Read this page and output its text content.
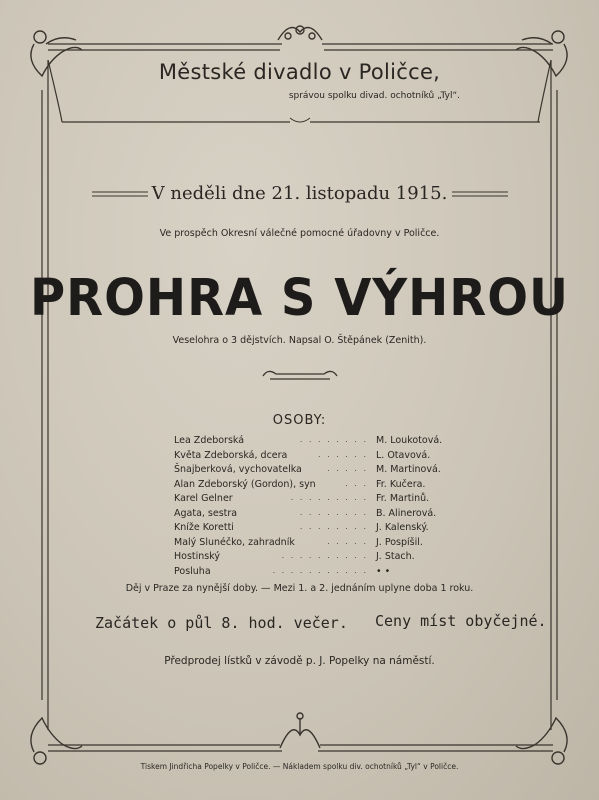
Městské divadlo v Poličce,
správou spolku divad. ochotníků „Tyl“.
V neděli dne 21. listopadu 1915.
Ve prospěch Okresní válečné pomocné úřadovny v Poličce.
PROHRA S VÝHROU
Veselohra o 3 dějstvích. Napsal O. Štěpánek (Zenith).
OSOBY:
Lea Zdeborská	. . . . . . . . M. Loukotová.
Květa Zdeborská, dcera	. . . . . . L. Otavová.
Šnajberková, vychovatelka	. . . . . M. Martinová.
Alan Zdeborský (Gordon), syn	. . . Fr. Kučera.
Karel Gelner	. . . . . . . . . Fr. Martinů.
Agata, sestra	. . . . . . . . B. Alinerová.
Kníže Koretti	. . . . . . . . J. Kalenský.
Malý Slunéčko, zahradník	. . . . . J. Pospíšil.
Hostinský	. . . . . . . . . . J. Stach.
Posluha	. . . . . . . . . . . • •
Děj v Praze za nynější doby. — Mezi 1. a 2. jednáním uplyne doba 1 roku.
Začátek o půl 8. hod. večer. Ceny míst obyčejné.
Předprodej lístků v závodě p. J. Popelky na náměstí.
Tiskem Jindřicha Popelky v Poličce. — Nákladem spolku div. ochotníků „Tyl“ v Poličce.
